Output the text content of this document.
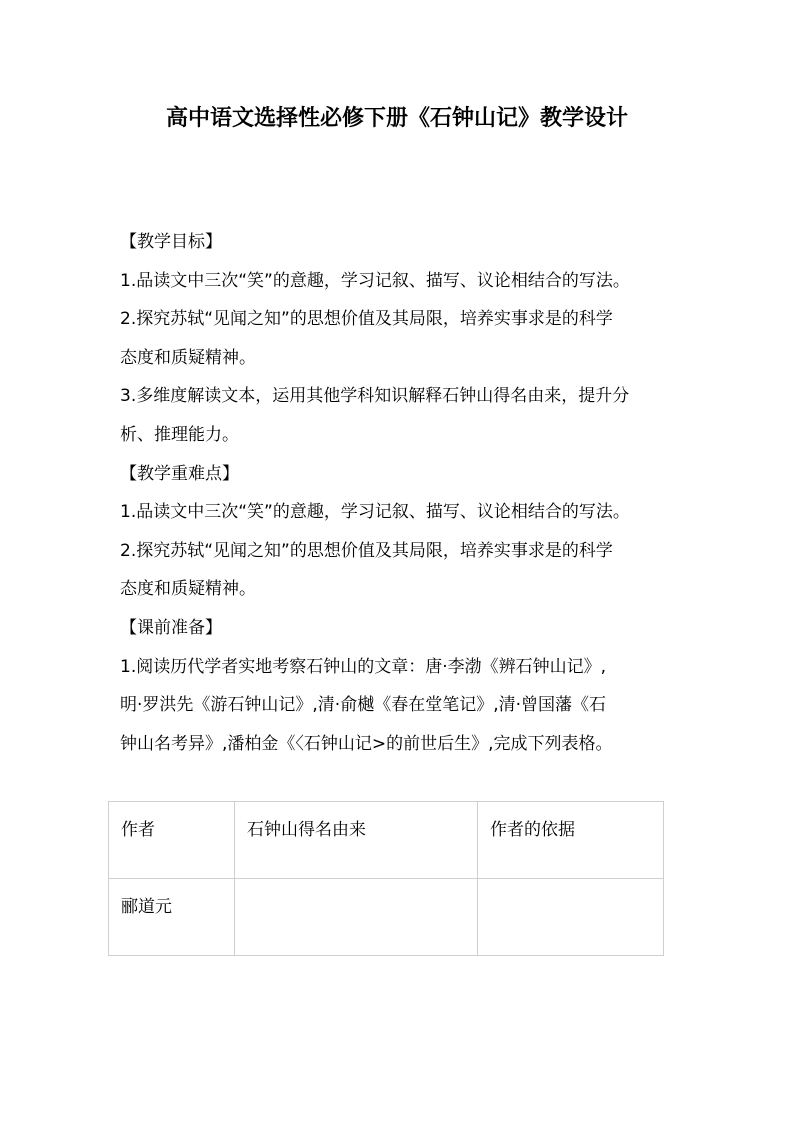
高中语文选择性必修下册《石钟山记》教学设计

【教学目标】

1.品读文中三次“笑”的意趣，学习记叙、描写、议论相结合的写法。

2.探究苏轼“见闻之知”的思想价值及其局限，培养实事求是的科学

态度和质疑精神。

3.多维度解读文本，运用其他学科知识解释石钟山得名由来，提升分

析、推理能力。

【教学重难点】

1.品读文中三次“笑”的意趣，学习记叙、描写、议论相结合的写法。

2.探究苏轼“见闻之知”的思想价值及其局限，培养实事求是的科学

态度和质疑精神。

【课前准备】

1.阅读历代学者实地考察石钟山的文章：唐·李渤《辨石钟山记》,

明·罗洪先《游石钟山记》,清·俞樾《春在堂笔记》,清·曾国藩《石

钟山名考异》,潘柏金《〈石钟山记>的前世后生》,完成下列表格。

作者	石钟山得名由来	作者的依据
郦道元		
